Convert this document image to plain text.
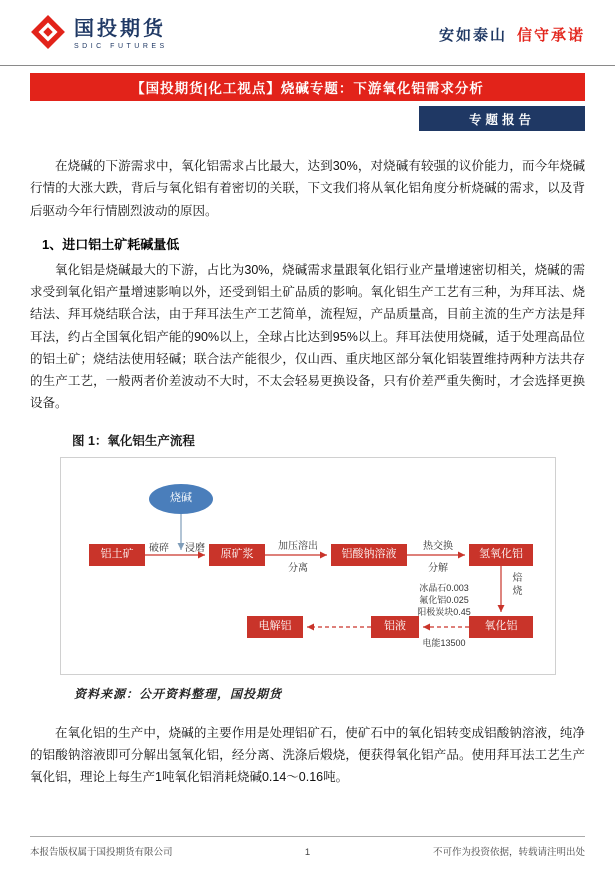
国投期货
SDIC FUTURES
安如泰山 信守承诺
【国投期货|化工视点】烧碱专题：下游氧化铝需求分析
专题报告

在烧碱的下游需求中，氧化铝需求占比最大，达到30%，对烧碱有较强的议价能力，而今年烧碱行情的大涨大跌，背后与氧化铝有着密切的关联，下文我们将从氧化铝角度分析烧碱的需求，以及背后驱动今年行情剧烈波动的原因。

1、进口铝土矿耗碱量低

氧化铝是烧碱最大的下游，占比为30%，烧碱需求量跟氧化铝行业产量增速密切相关，烧碱的需求受到氧化铝产量增速影响以外，还受到铝土矿品质的影响。氧化铝生产工艺有三种，为拜耳法、烧结法、拜耳烧结联合法，由于拜耳法生产工艺简单，流程短，产品质量高，目前主流的生产方法是拜耳法，约占全国氧化铝产能的90%以上，全球占比达到95%以上。拜耳法使用烧碱，适于处理高品位的铝土矿；烧结法使用轻碱；联合法产能很少，仅山西、重庆地区部分氧化铝装置维持两种方法共存的生产工艺，一般两者价差波动不大时，不太会轻易更换设备，只有价差严重失衡时，才会选择更换设备。

图 1：氧化铝生产流程
烧碱
铝土矿	原矿浆	铝酸钠溶液	氢氧化铝
氧化铝
铝液
电解铝
破碎 浸磨	加压溶出
分离
热交换
分解
焙烧
冰晶石0.003
氟化铝0.025
阳极炭块0.45
电能13500
资料来源：公开资料整理，国投期货

在氧化铝的生产中，烧碱的主要作用是处理铝矿石，使矿石中的氧化铝转变成铝酸钠溶液，纯净的铝酸钠溶液即可分解出氢氧化铝，经分离、洗涤后煅烧，便获得氧化铝产品。使用拜耳法工艺生产氧化铝，理论上每生产1吨氧化铝消耗烧碱0.14～0.16吨。

本报告版权属于国投期货有限公司	1	不可作为投资依据，转载请注明出处
